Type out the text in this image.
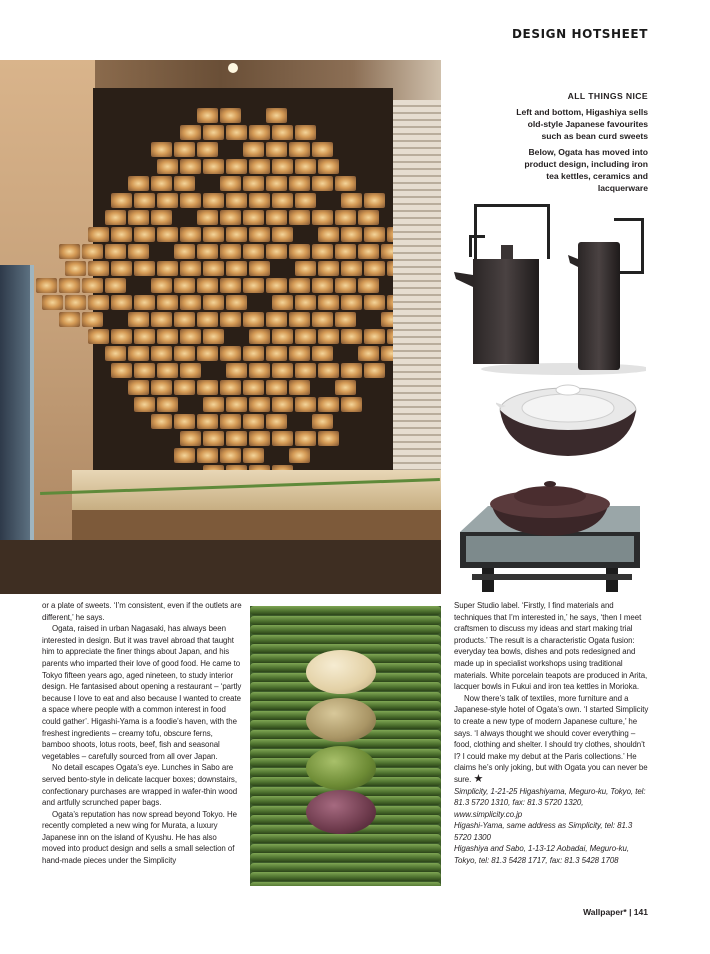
DESIGN HOTSHEET

ALL THINGS NICE

Left and bottom, Higashiya sells old-style Japanese favourites such as bean curd sweets

Below, Ogata has moved into product design, including iron tea kettles, ceramics and lacquerware

or a plate of sweets. ‘I’m consistent, even if the outlets are different,’ he says.

Ogata, raised in urban Nagasaki, has always been interested in design. But it was travel abroad that taught him to appreciate the finer things about Japan, and his parents who imparted their love of good food. He came to Tokyo fifteen years ago, aged nineteen, to study interior design. He fantasised about opening a restaurant – ‘partly because I love to eat and also because I wanted to create a space where people with a common interest in food could gather’. Higashi-Yama is a foodie’s haven, with the freshest ingredients – creamy tofu, obscure ferns, bamboo shoots, lotus roots, beef, fish and seasonal vegetables – carefully sourced from all over Japan.

No detail escapes Ogata’s eye. Lunches in Sabo are served bento-style in delicate lacquer boxes; downstairs, confectionary purchases are wrapped in wafer-thin wood and artfully scrunched paper bags.

Ogata’s reputation has now spread beyond Tokyo. He recently completed a new wing for Murata, a luxury Japanese inn on the island of Kyushu. He has also moved into product design and sells a small selection of hand-made pieces under the Simplicity

Super Studio label. ‘Firstly, I find materials and techniques that I’m interested in,’ he says, ‘then I meet craftsmen to discuss my ideas and start making trial products.’ The result is a characteristic Ogata fusion: everyday tea bowls, dishes and pots redesigned and made up in specialist workshops using traditional materials. White porcelain teapots are produced in Arita, lacquer bowls in Fukui and iron tea kettles in Morioka.

Now there’s talk of textiles, more furniture and a Japanese-style hotel of Ogata’s own. ‘I started Simplicity to create a new type of modern Japanese culture,’ he says. ‘I always thought we should cover everything – food, clothing and shelter. I should try clothes, shouldn’t I? I could make my debut at the Paris collections.’ He claims he’s only joking, but with Ogata you can never be sure. ★

Simplicity, 1-21-25 Higashiyama, Meguro-ku, Tokyo, tel: 81.3 5720 1310, fax: 81.3 5720 1320, www.simplicity.co.jp

Higashi-Yama, same address as Simplicity, tel: 81.3 5720 1300

Higashiya and Sabo, 1-13-12 Aobadai, Meguro-ku, Tokyo, tel: 81.3 5428 1717, fax: 81.3 5428 1708

Wallpaper* | 141
